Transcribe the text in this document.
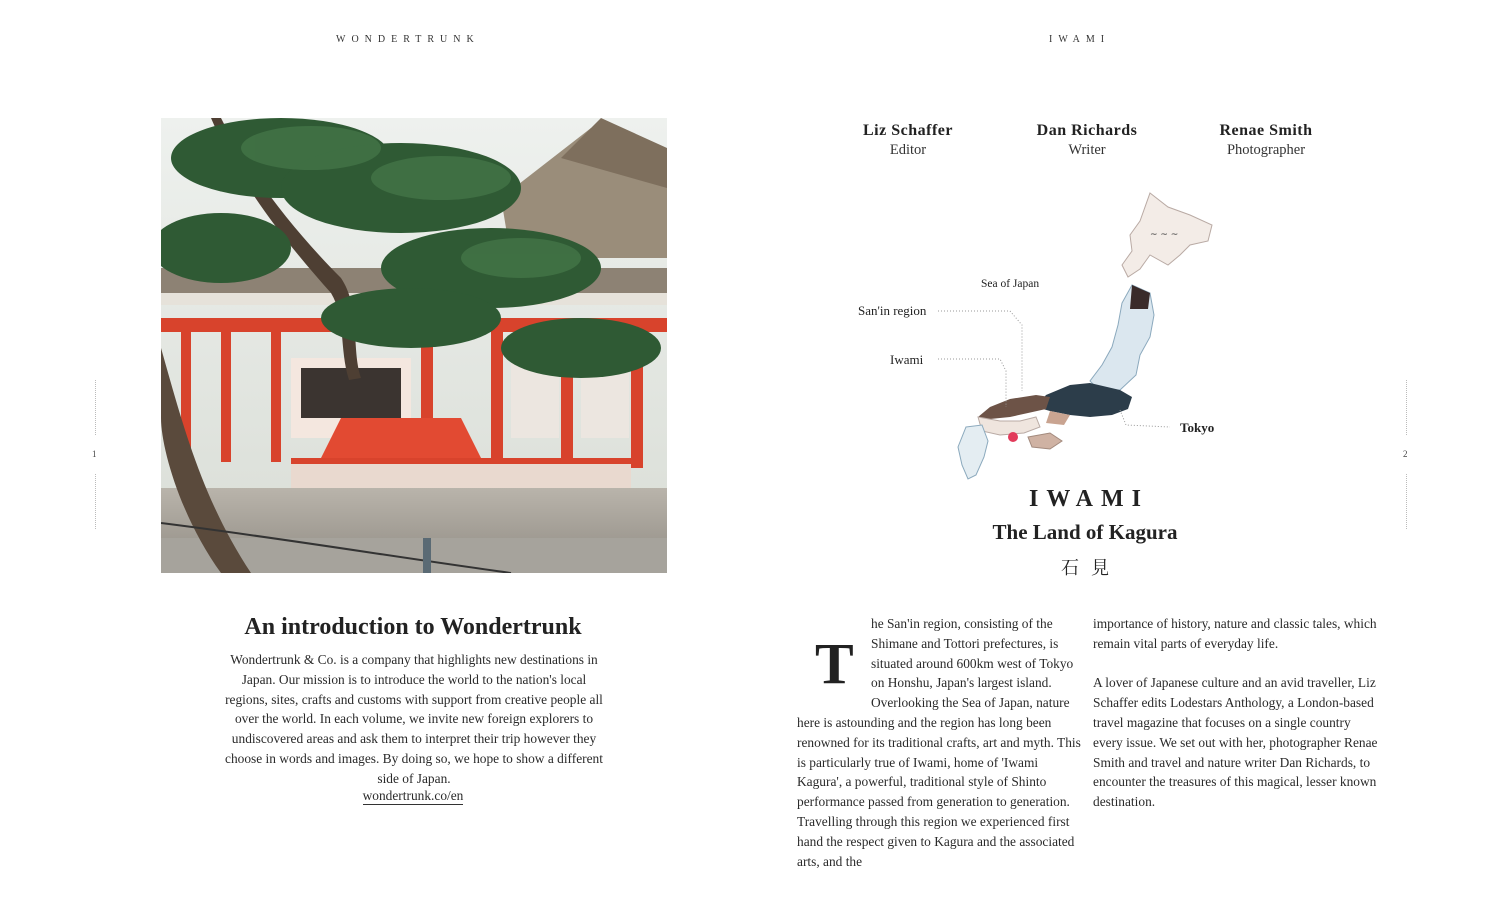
WONDERTRUNK	IWAMI
1	2
An introduction to Wondertrunk
Wondertrunk & Co. is a company that highlights new destinations in Japan. Our mission is to introduce the world to the nation's local regions, sites, crafts and customs with support from creative people all over the world. In each volume, we invite new foreign explorers to undiscovered areas and ask them to interpret their trip however they choose in words and images. By doing so, we hope to show a different side of Japan.
wondertrunk.co/en
Liz Schaffer
Editor
Dan Richards
Writer
Renae Smith
Photographer
~ ~ ~
Sea of Japan
San'in region
Iwami
Tokyo
IWAMI
The Land of Kagura
石見
T
he San'in region, consisting of the Shimane and Tottori prefectures, is situated around 600km west of Tokyo on Honshu, Japan's largest island. Overlooking the Sea of Japan, nature here is astounding and the region has long been renowned for its traditional crafts, art and myth. This is particularly true of Iwami, home of 'Iwami Kagura', a powerful, traditional style of Shinto performance passed from generation to generation. Travelling through this region we experienced first hand the respect given to Kagura and the associated arts, and the

importance of history, nature and classic tales, which remain vital parts of everyday life.

A lover of Japanese culture and an avid traveller, Liz Schaffer edits Lodestars Anthology, a London-based travel magazine that focuses on a single country every issue. We set out with her, photographer Renae Smith and travel and nature writer Dan Richards, to encounter the treasures of this magical, lesser known destination.
